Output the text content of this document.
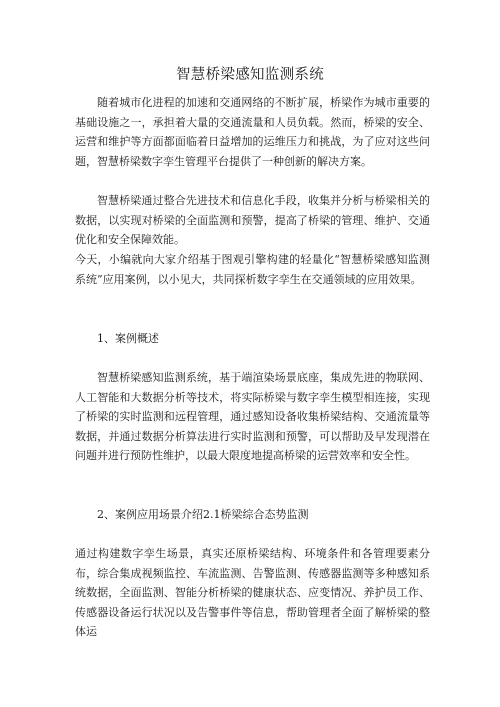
智慧桥梁感知监测系统

随着城市化进程的加速和交通网络的不断扩展，桥梁作为城市重要的基础设施之一，承担着大量的交通流量和人员负载。然而，桥梁的安全、运营和维护等方面都面临着日益增加的运维压力和挑战，为了应对这些问题，智慧桥梁数字孪生管理平台提供了一种创新的解决方案。

智慧桥梁通过整合先进技术和信息化手段，收集并分析与桥梁相关的数据，以实现对桥梁的全面监测和预警，提高了桥梁的管理、维护、交通优化和安全保障效能。

今天，小编就向大家介绍基于图观引擎构建的轻量化“智慧桥梁感知监测系统”应用案例，以小见大，共同探析数字孪生在交通领域的应用效果。

1、案例概述

智慧桥梁感知监测系统，基于端渲染场景底座，集成先进的物联网、人工智能和大数据分析等技术，将实际桥梁与数字孪生模型相连接，实现了桥梁的实时监测和远程管理，通过感知设备收集桥梁结构、交通流量等数据，并通过数据分析算法进行实时监测和预警，可以帮助及早发现潜在问题并进行预防性维护，以最大限度地提高桥梁的运营效率和安全性。

2、案例应用场景介绍2.1桥梁综合态势监测

通过构建数字孪生场景，真实还原桥梁结构、环境条件和各管理要素分布，综合集成视频监控、车流监测、告警监测、传感器监测等多种感知系统数据，全面监测、智能分析桥梁的健康状态、应变情况、养护员工作、传感器设备运行状况以及告警事件等信息，帮助管理者全面了解桥梁的整体运
